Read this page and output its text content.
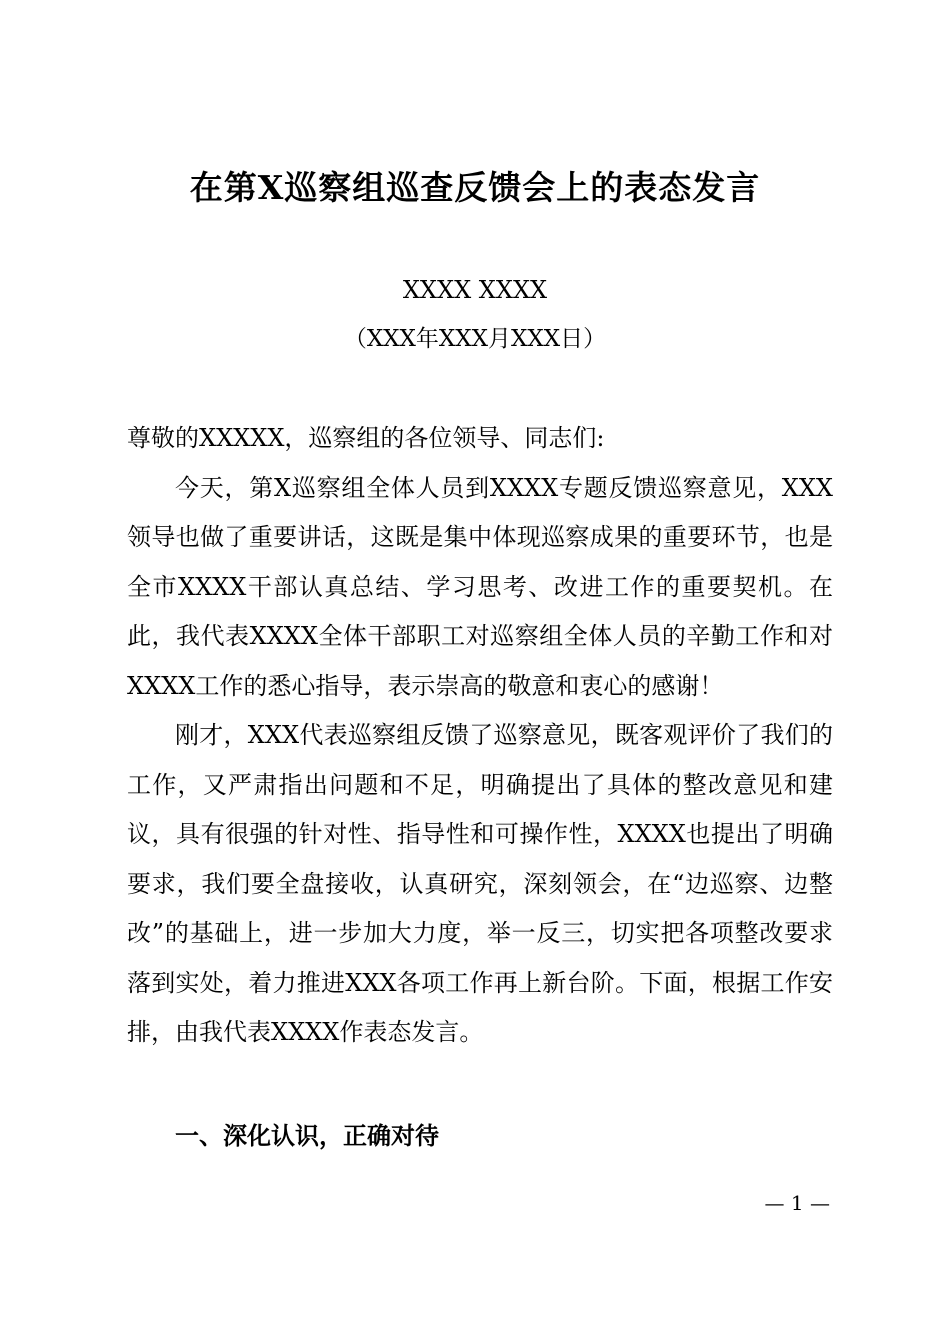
在第X巡察组巡查反馈会上的表态发言
XXXX XXXX
（XXX年XXX月XXX日）

尊敬的XXXXX，巡察组的各位领导、同志们:

今天，第X巡察组全体人员到XXXX专题反馈巡察意见，XXX领导也做了重要讲话，这既是集中体现巡察成果的重要环节，也是全市XXXX干部认真总结、学习思考、改进工作的重要契机。在此，我代表XXXX全体干部职工对巡察组全体人员的辛勤工作和对XXXX工作的悉心指导，表示崇高的敬意和衷心的感谢！

刚才，XXX代表巡察组反馈了巡察意见，既客观评价了我们的工作，又严肃指出问题和不足，明确提出了具体的整改意见和建议，具有很强的针对性、指导性和可操作性，XXXX也提出了明确要求，我们要全盘接收，认真研究，深刻领会，在“边巡察、边整改”的基础上，进一步加大力度，举一反三，切实把各项整改要求落到实处，着力推进XXX各项工作再上新台阶。下面，根据工作安排，由我代表XXXX作表态发言。

一、深化认识，正确对待
— 1 —
